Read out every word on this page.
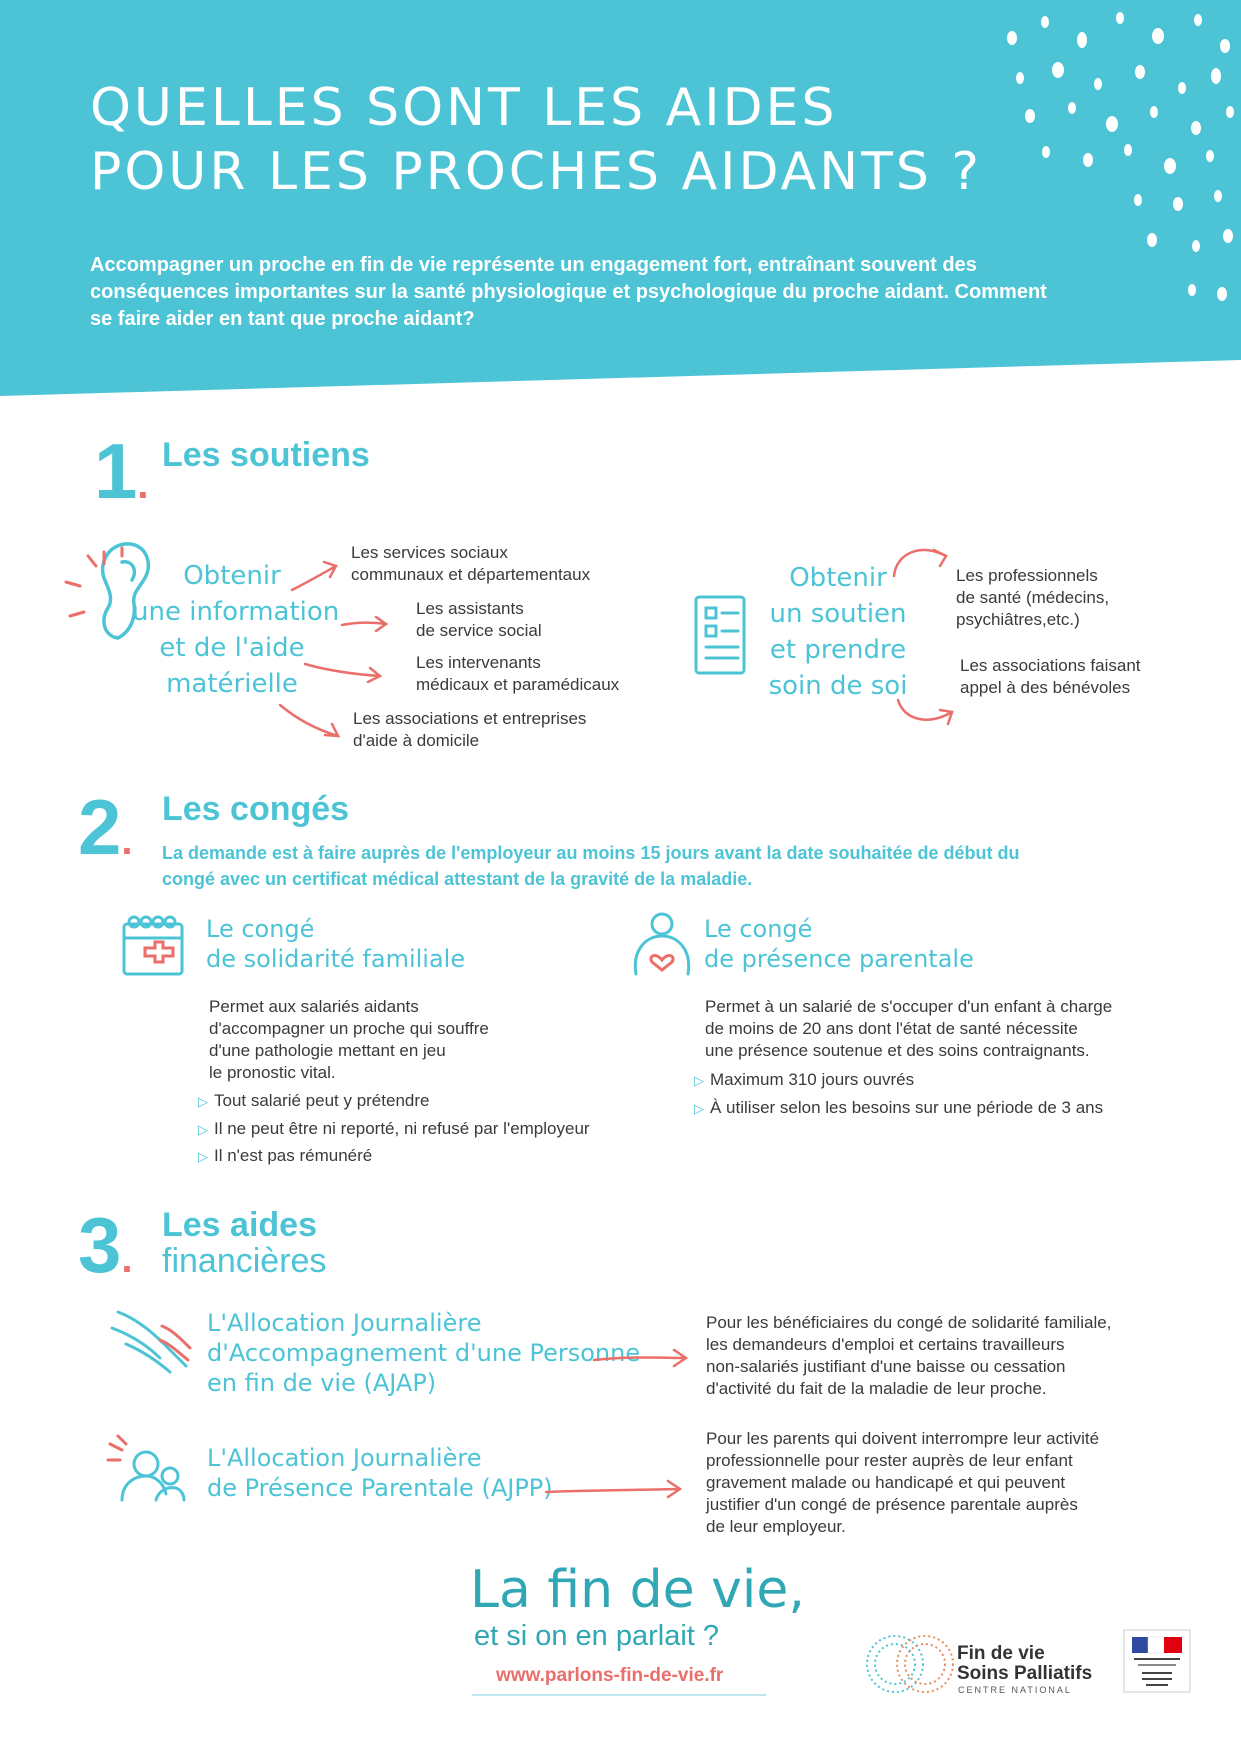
QUELLES SONT LES AIDES
POUR LES PROCHES AIDANTS ?
Accompagner un proche en fin de vie représente un engagement fort, entraînant souvent des conséquences importantes sur la santé physiologique et psychologique du proche aidant. Comment se faire aider en tant que proche aidant?
1.
Les soutiens
Obtenir
une information
et de l'aide
matérielle
Les services sociaux
communaux et départementaux
Les assistants
de service social
Les intervenants
médicaux et paramédicaux
Les associations et entreprises
d'aide à domicile
Obtenir
un soutien
et prendre
soin de soi
Les professionnels
de santé (médecins,
psychiâtres,etc.)
Les associations faisant
appel à des bénévoles
2.
Les congés
La demande est à faire auprès de l'employeur au moins 15 jours avant la date souhaitée de début du congé avec un certificat médical attestant de la gravité de la maladie.
Le congé
de solidarité familiale
Permet aux salariés aidants
d'accompagner un proche qui souffre
d'une pathologie mettant en jeu
le pronostic vital.
▷ Tout salarié peut y prétendre
▷ Il ne peut être ni reporté, ni refusé par l'employeur
▷ Il n'est pas rémunéré
Le congé
de présence parentale
Permet à un salarié de s'occuper d'un enfant à charge
de moins de 20 ans dont l'état de santé nécessite
une présence soutenue et des soins contraignants.
▷ Maximum 310 jours ouvrés
▷ À utiliser selon les besoins sur une période de 3 ans
3.
Les aides
financières
L'Allocation Journalière
d'Accompagnement d'une Personne
en fin de vie (AJAP)
Pour les bénéficiaires du congé de solidarité familiale,
les demandeurs d'emploi et certains travailleurs
non-salariés justifiant d'une baisse ou cessation
d'activité du fait de la maladie de leur proche.
L'Allocation Journalière
de Présence Parentale (AJPP)
Pour les parents qui doivent interrompre leur activité
professionnelle pour rester auprès de leur enfant
gravement malade ou handicapé et qui peuvent
justifier d'un congé de présence parentale auprès
de leur employeur.
La fin de vie,
et si on en parlait ?
www.parlons-fin-de-vie.fr
Fin de vie
Soins Palliatifs
CENTRE NATIONAL
